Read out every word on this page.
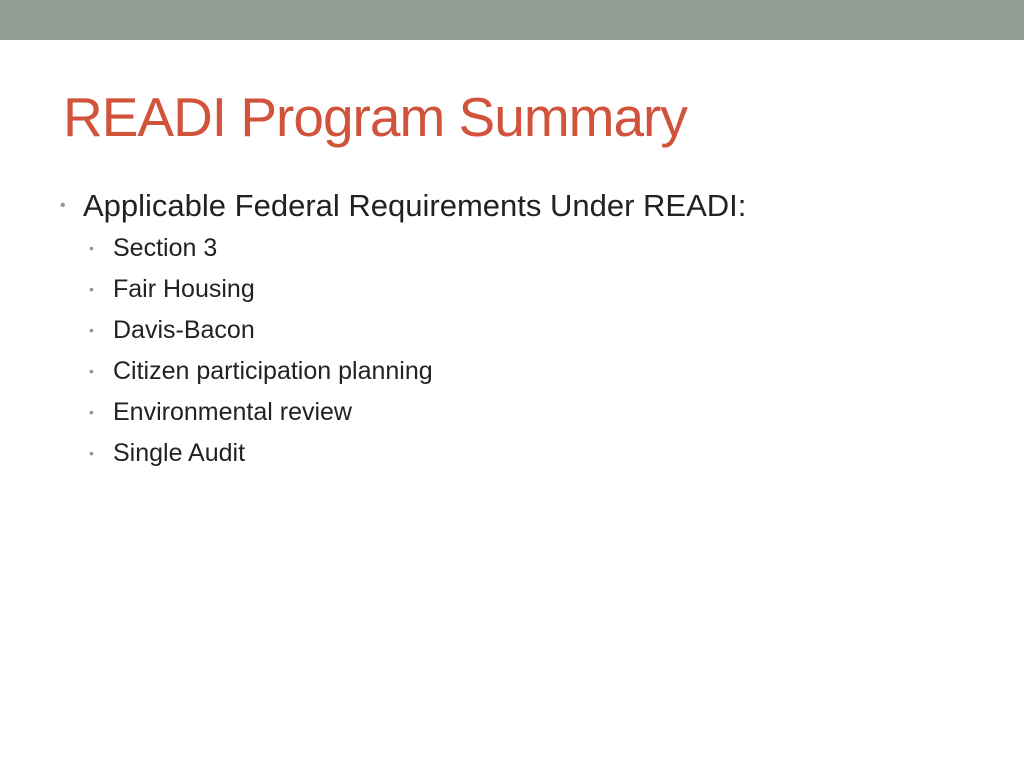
READI Program Summary
• Applicable Federal Requirements Under READI:
• Section 3
• Fair Housing
• Davis-Bacon
• Citizen participation planning
• Environmental review
• Single Audit
